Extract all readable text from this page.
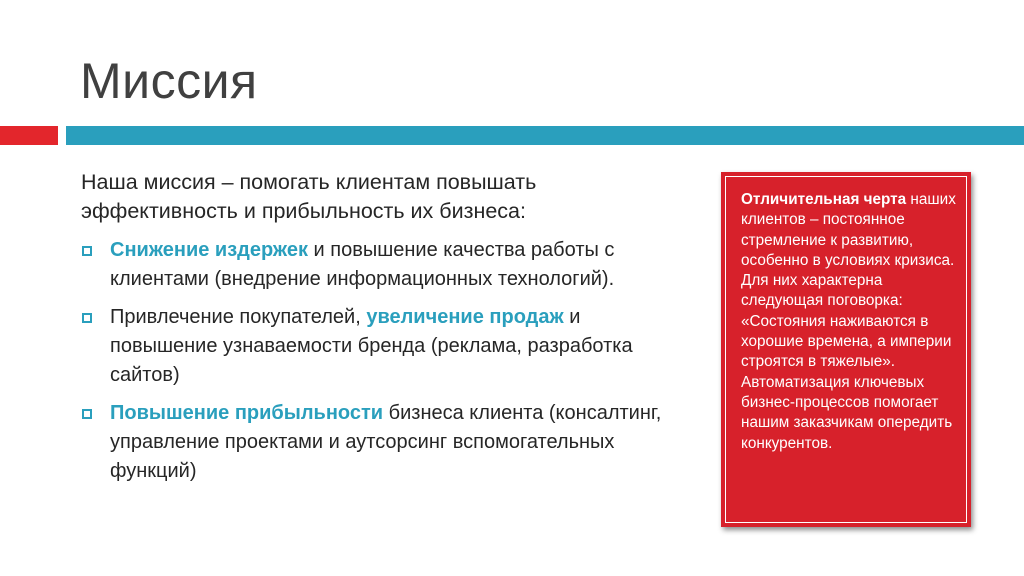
Миссия

Наша миссия – помогать клиентам повышать эффективность и прибыльность их бизнеса:

Снижение издержек и повышение качества работы с клиентами (внедрение информационных технологий).
Привлечение покупателей, увеличение продаж и повышение узнаваемости бренда (реклама, разработка сайтов)
Повышение прибыльности бизнеса клиента (консалтинг, управление проектами и аутсорсинг вспомогательных функций)
Отличительная черта наших клиентов – постоянное стремление к развитию, особенно в условиях кризиса. Для них характерна следующая поговорка: «Состояния наживаются в хорошие времена, а империи строятся в тяжелые». Автоматизация ключевых бизнес-процессов помогает нашим заказчикам опередить конкурентов.
